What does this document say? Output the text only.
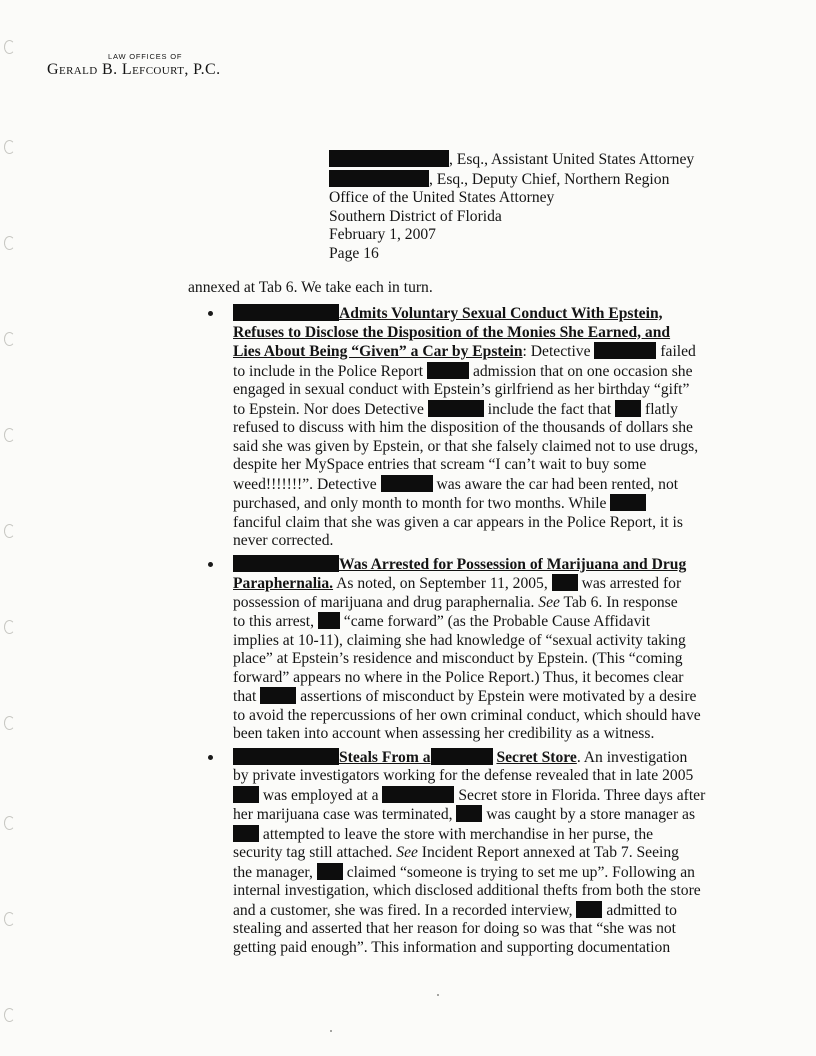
LAW OFFICES OF
Gerald B. Lefcourt, P.C.
, Esq., Assistant United States Attorney
, Esq., Deputy Chief, Northern Region
Office of the United States Attorney
Southern District of Florida
February 1, 2007
Page 16
annexed at Tab 6. We take each in turn.
Admits Voluntary Sexual Conduct With Epstein,
Refuses to Disclose the Disposition of the Monies She Earned, and
Lies About Being “Given” a Car by Epstein: Detective	failed
to include in the Police Report	admission that on one occasion she
engaged in sexual conduct with Epstein’s girlfriend as her birthday “gift”
to Epstein. Nor does Detective	include the fact that flatly
refused to discuss with him the disposition of the thousands of dollars she
said she was given by Epstein, or that she falsely claimed not to use drugs,
despite her MySpace entries that scream “I can’t wait to buy some
weed!!!!!!!”. Detective	was aware the car had been rented, not
purchased, and only month to month for two months. While
fanciful claim that she was given a car appears in the Police Report, it is
never corrected.
Was Arrested for Possession of Marijuana and Drug
Paraphernalia. As noted, on September 11, 2005, was arrested for
possession of marijuana and drug paraphernalia. See Tab 6. In response
to this arrest, “came forward” (as the Probable Cause Affidavit
implies at 10-11), claiming she had knowledge of “sexual activity taking
place” at Epstein’s residence and misconduct by Epstein. (This “coming
forward” appears no where in the Police Report.) Thus, it becomes clear
that	assertions of misconduct by Epstein were motivated by a desire
to avoid the repercussions of her own criminal conduct, which should have
been taken into account when assessing her credibility as a witness.
Steals From a	Secret Store. An investigation
by private investigators working for the defense revealed that in late 2005
was employed at a	Secret store in Florida. Three days after
her marijuana case was terminated, was caught by a store manager as
attempted to leave the store with merchandise in her purse, the
security tag still attached. See Incident Report annexed at Tab 7. Seeing
the manager, claimed “someone is trying to set me up”. Following an
internal investigation, which disclosed additional thefts from both the store
and a customer, she was fired. In a recorded interview, admitted to
stealing and asserted that her reason for doing so was that “she was not
getting paid enough”. This information and supporting documentation
